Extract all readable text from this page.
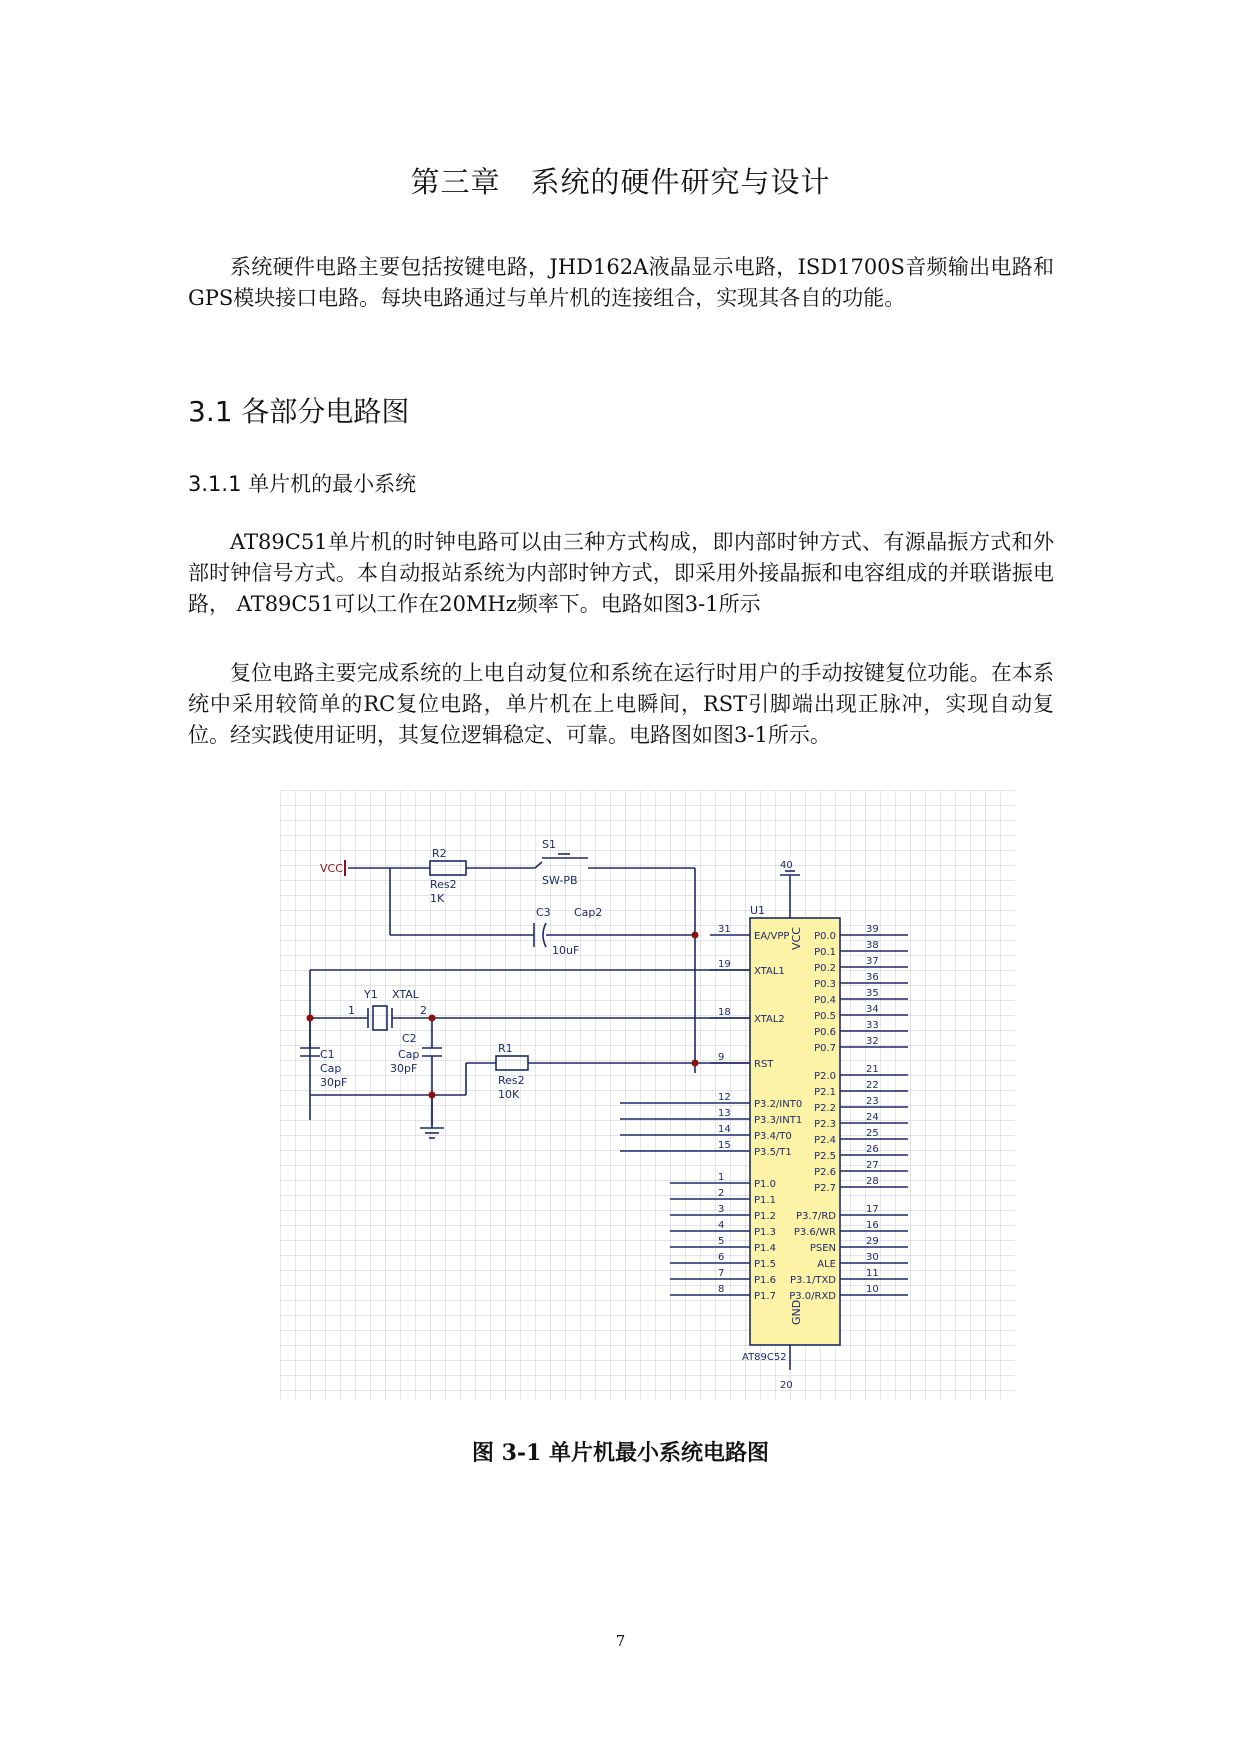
第三章　系统的硬件研究与设计

系统硬件电路主要包括按键电路，JHD162A液晶显示电路，ISD1700S音频输出电路和GPS模块接口电路。每块电路通过与单片机的连接组合，实现其各自的功能。

3.1 各部分电路图
3.1.1 单片机的最小系统

AT89C51单片机的时钟电路可以由三种方式构成，即内部时钟方式、有源晶振方式和外部时钟信号方式。本自动报站系统为内部时钟方式，即采用外接晶振和电容组成的并联谐振电路， AT89C51可以工作在20MHz频率下。电路如图3-1所示

复位电路主要完成系统的上电自动复位和系统在运行时用户的手动按键复位功能。在本系统中采用较简单的RC复位电路，单片机在上电瞬间，RST引脚端出现正脉冲，实现自动复位。经实践使用证明，其复位逻辑稳定、可靠。电路图如图3-1所示。

VCC
R2
Res2
1K
S1
SW-PB
C3 Cap2
10uF
Y1 XTAL
1	2
C1
Cap
30pF
C2
Cap
30pF
R1
Res2
10K
U1
40
20
AT89C52
VCC
GND
31
EA/VPP
19
XTAL1
18
XTAL2
9
RST
12
P3.2/INT0
13
P3.3/INT1
14
P3.4/T0
15
P3.5/T1
1
P1.0
2
P1.1
3
P1.2
4
P1.3
5
P1.4
6
P1.5
7
P1.6
8
P1.7
39
P0.0
38
P0.1
37
P0.2
36
P0.3
35
P0.4
34
P0.5
33
P0.6
32
P0.7
21
P2.0
22
P2.1
23
P2.2
24
P2.3
25
P2.4
26
P2.5
27
P2.6
28
P2.7
17
P3.7/RD
16
P3.6/WR
29
PSEN
30
ALE
11
P3.1/TXD
10
P3.0/RXD
图 3-1 单片机最小系统电路图
7
